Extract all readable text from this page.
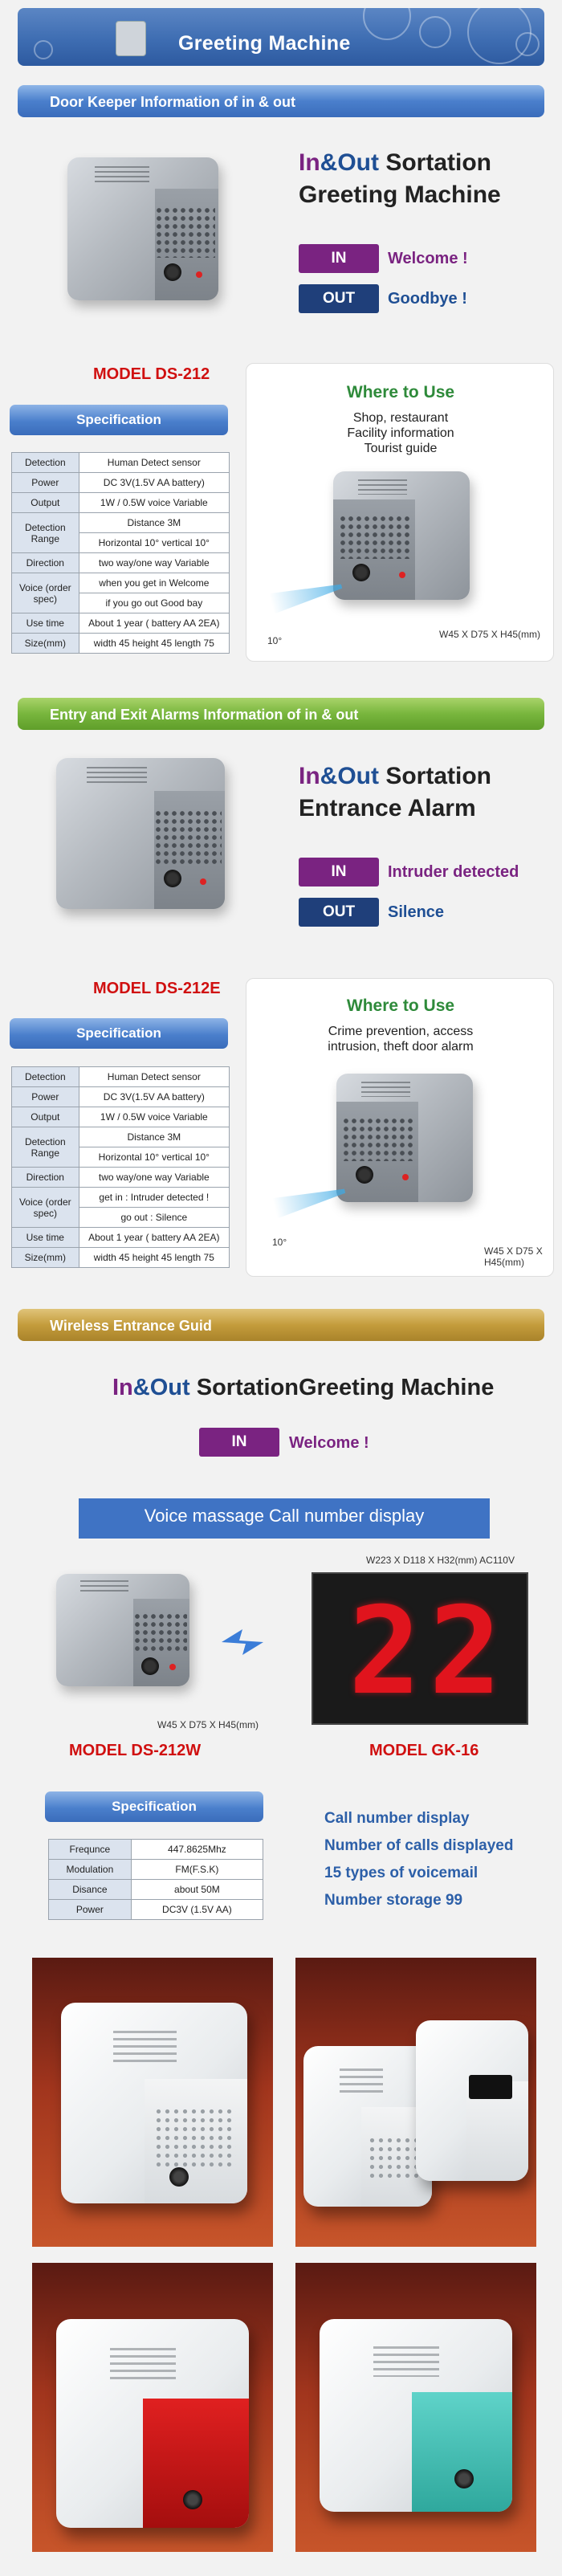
Greeting Machine
Door Keeper Information of in & out
In&Out Sortation
Greeting Machine
IN	Welcome !
OUT	Goodbye !
MODEL DS-212
Specification
Detection	Human Detect sensor
Power	DC 3V(1.5V AA battery)
Output	1W / 0.5W voice Variable
Detection Range	Distance 3M
	Horizontal 10° vertical 10°
Direction	two way/one way Variable
Voice (order spec)	when you get in Welcome
	if you go out Good bay
Use time	About 1 year ( battery AA 2EA)
Size(mm)	width 45 height 45 length 75
Where to Use
Shop, restaurant
Facility information
Tourist guide
10°
W45 X D75 X H45(mm)
Entry and Exit Alarms Information of in & out
In&Out Sortation
Entrance Alarm
IN	Intruder detected
OUT	Silence
MODEL DS-212E
Specification
Detection	Human Detect sensor
Power	DC 3V(1.5V AA battery)
Output	1W / 0.5W voice Variable
Detection Range	Distance 3M
	Horizontal 10° vertical 10°
Direction	two way/one way Variable
Voice (order spec)	get in : Intruder detected !
	go out : Silence
Use time	About 1 year ( battery AA 2EA)
Size(mm)	width 45 height 45 length 75
Where to Use
Crime prevention, access
intrusion, theft door alarm
10°
W45 X D75 X H45(mm)
Wireless Entrance Guid
In&Out SortationGreeting Machine
IN	Welcome !
Voice massage Call number display
W223 X D118 X H32(mm) AC110V
22
W45 X D75 X H45(mm)
MODEL DS-212W	MODEL GK-16
Specification
Frequnce	447.8625Mhz
Modulation	FM(F.S.K)
Disance	about 50M
Power	DC3V (1.5V AA)
Call number display
Number of calls displayed
15 types of voicemail
Number storage 99
